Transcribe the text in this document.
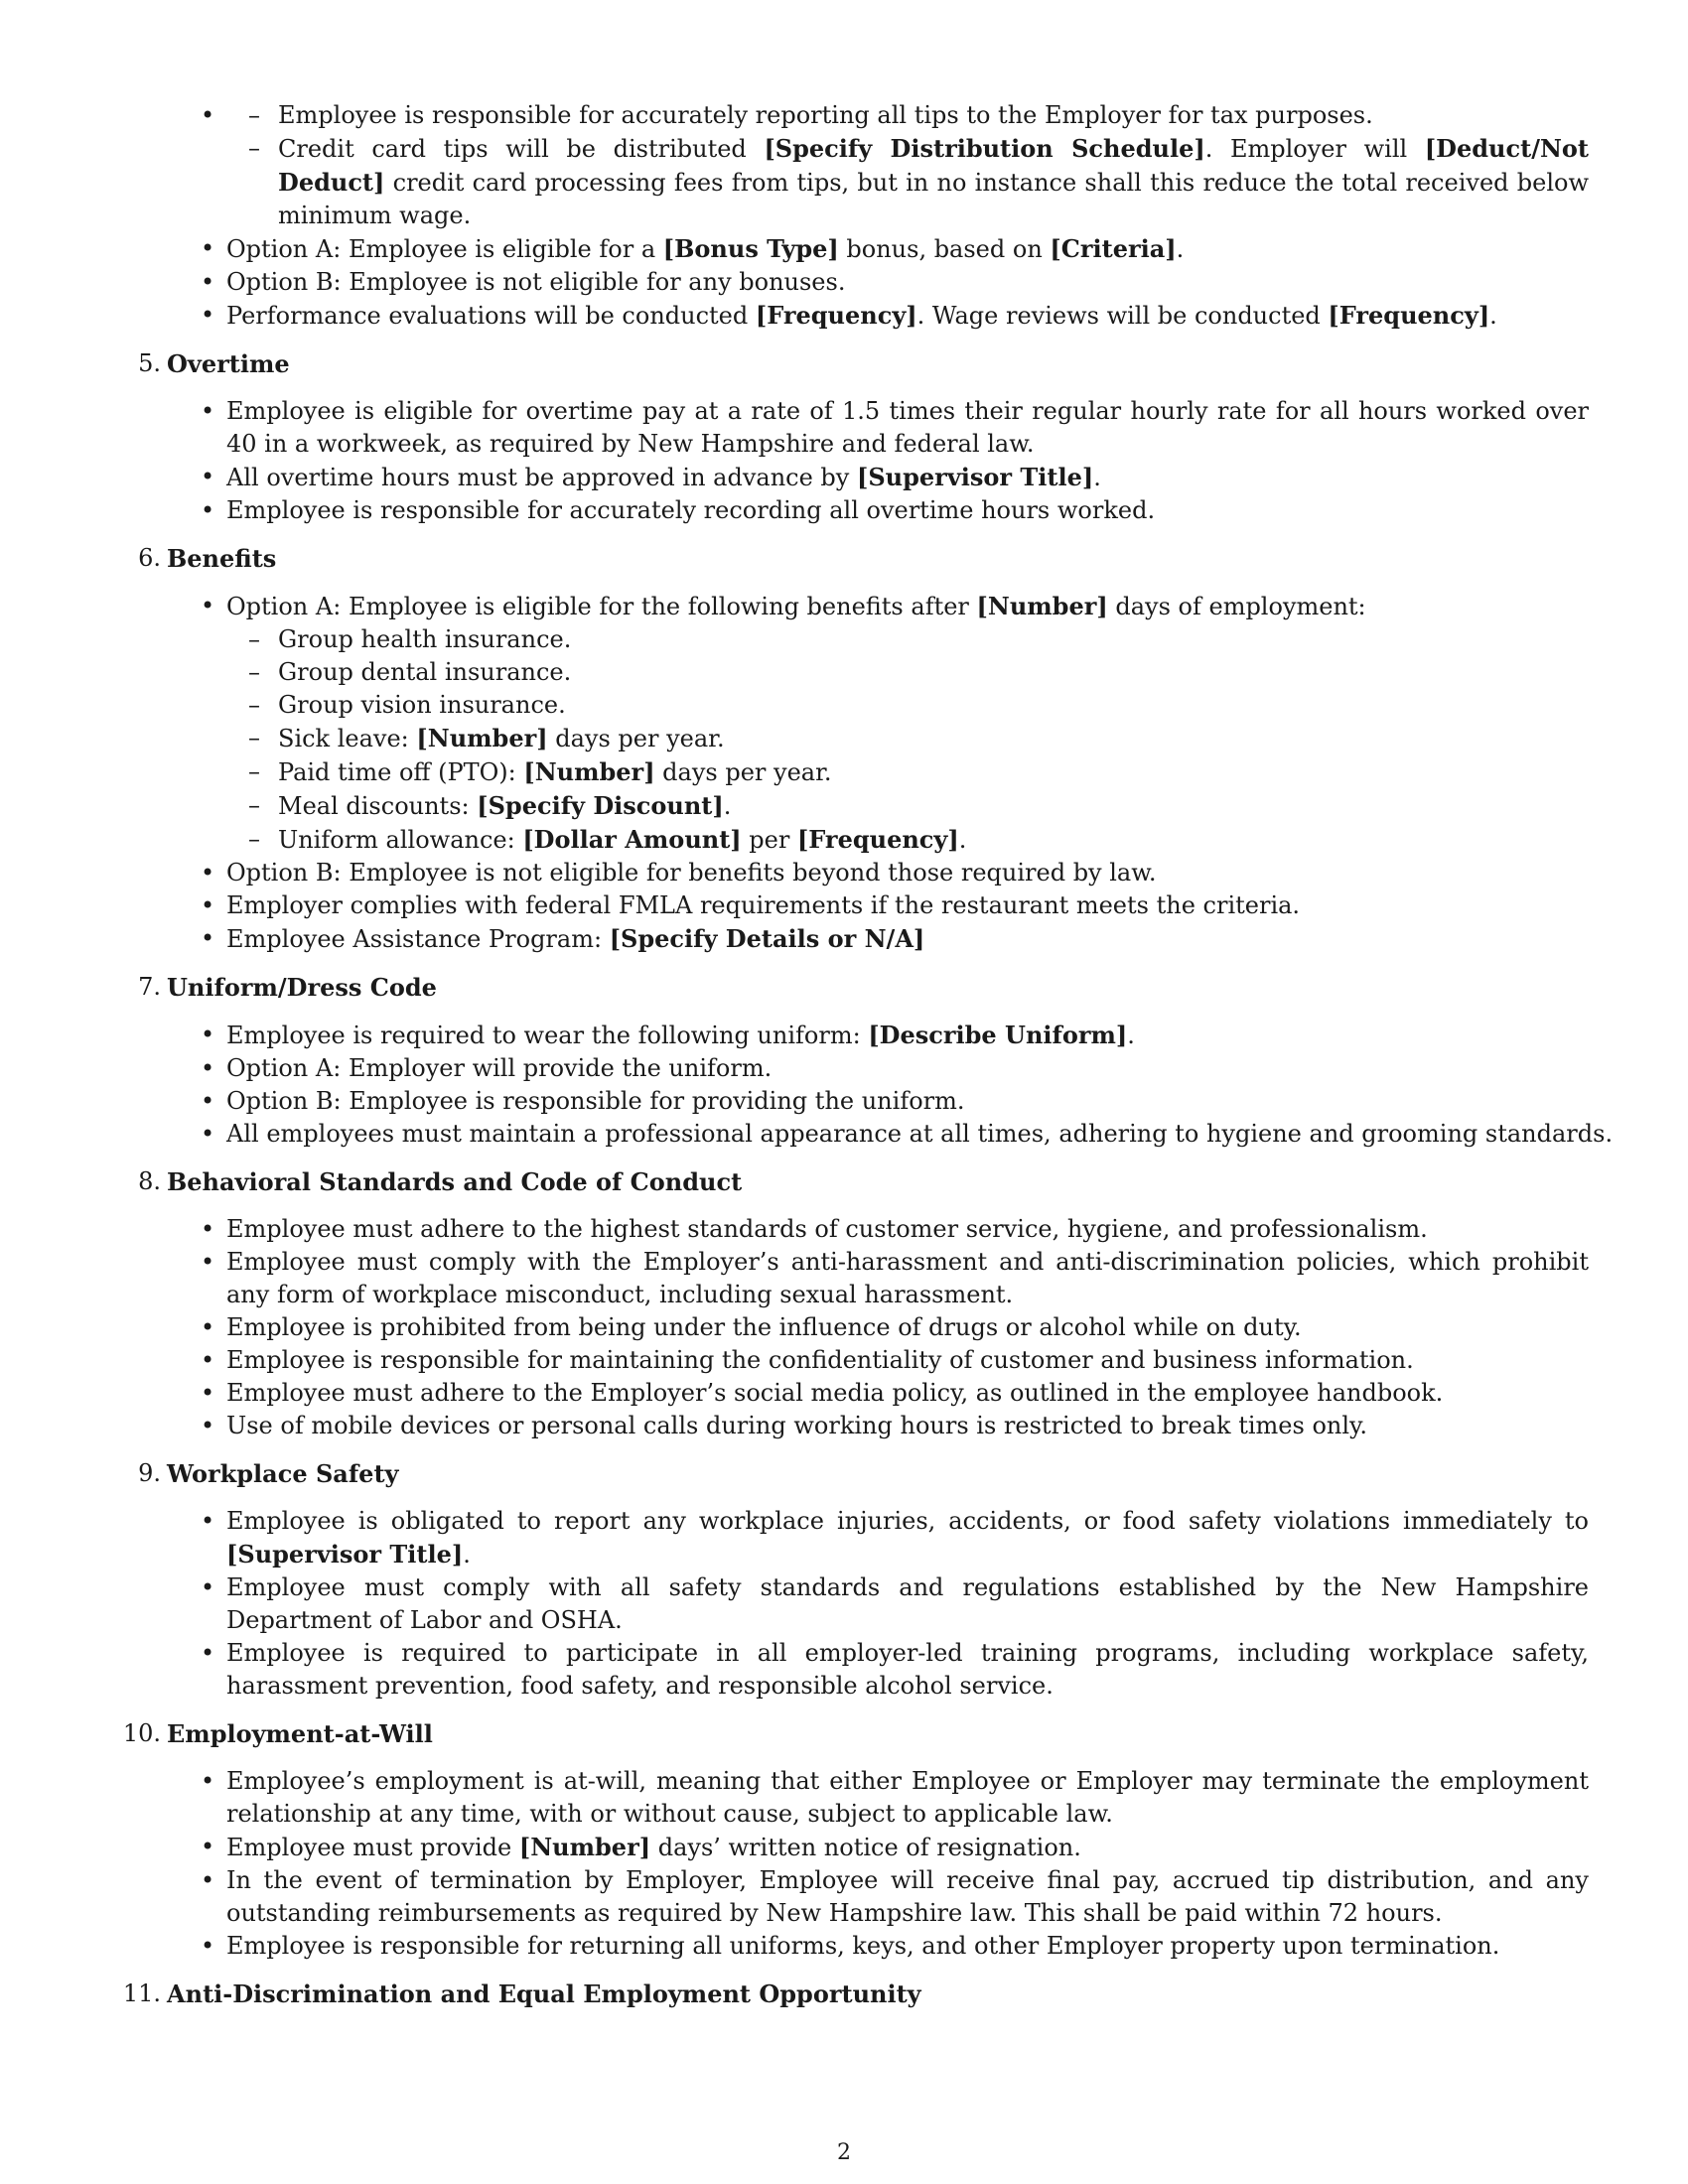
– • Employee is responsible for accurately reporting all tips to the Employer for tax purposes.
– Credit card tips will be distributed [Specify Distribution Schedule]. Employer will [Deduct/Not Deduct] credit card processing fees from tips, but in no instance shall this reduce the total received below minimum wage.
• Option A: Employee is eligible for a [Bonus Type] bonus, based on [Criteria].
• Option B: Employee is not eligible for any bonuses.
• Performance evaluations will be conducted [Frequency]. Wage reviews will be conducted [Frequency].
5. Overtime
• Employee is eligible for overtime pay at a rate of 1.5 times their regular hourly rate for all hours worked over 40 in a workweek, as required by New Hampshire and federal law.
• All overtime hours must be approved in advance by [Supervisor Title].
• Employee is responsible for accurately recording all overtime hours worked.
6. Benefits
• Option A: Employee is eligible for the following benefits after [Number] days of employment:
– Group health insurance.
– Group dental insurance.
– Group vision insurance.
– Sick leave: [Number] days per year.
– Paid time off (PTO): [Number] days per year.
– Meal discounts: [Specify Discount].
– Uniform allowance: [Dollar Amount] per [Frequency].
• Option B: Employee is not eligible for benefits beyond those required by law.
• Employer complies with federal FMLA requirements if the restaurant meets the criteria.
• Employee Assistance Program: [Specify Details or N/A]
7. Uniform/Dress Code
• Employee is required to wear the following uniform: [Describe Uniform].
• Option A: Employer will provide the uniform.
• Option B: Employee is responsible for providing the uniform.
• All employees must maintain a professional appearance at all times, adhering to hygiene and grooming standards.
8. Behavioral Standards and Code of Conduct
• Employee must adhere to the highest standards of customer service, hygiene, and professionalism.
• Employee must comply with the Employer’s anti-harassment and anti-discrimination policies, which prohibit any form of workplace misconduct, including sexual harassment.
• Employee is prohibited from being under the influence of drugs or alcohol while on duty.
• Employee is responsible for maintaining the confidentiality of customer and business information.
• Employee must adhere to the Employer’s social media policy, as outlined in the employee handbook.
• Use of mobile devices or personal calls during working hours is restricted to break times only.
9. Workplace Safety
• Employee is obligated to report any workplace injuries, accidents, or food safety violations immediately to [Supervisor Title].
• Employee must comply with all safety standards and regulations established by the New Hampshire Department of Labor and OSHA.
• Employee is required to participate in all employer-led training programs, including workplace safety, harassment prevention, food safety, and responsible alcohol service.
10. Employment-at-Will
• Employee’s employment is at-will, meaning that either Employee or Employer may terminate the employment relationship at any time, with or without cause, subject to applicable law.
• Employee must provide [Number] days’ written notice of resignation.
• In the event of termination by Employer, Employee will receive final pay, accrued tip distribution, and any outstanding reimbursements as required by New Hampshire law. This shall be paid within 72 hours.
• Employee is responsible for returning all uniforms, keys, and other Employer property upon termination.
11. Anti-Discrimination and Equal Employment Opportunity
2
